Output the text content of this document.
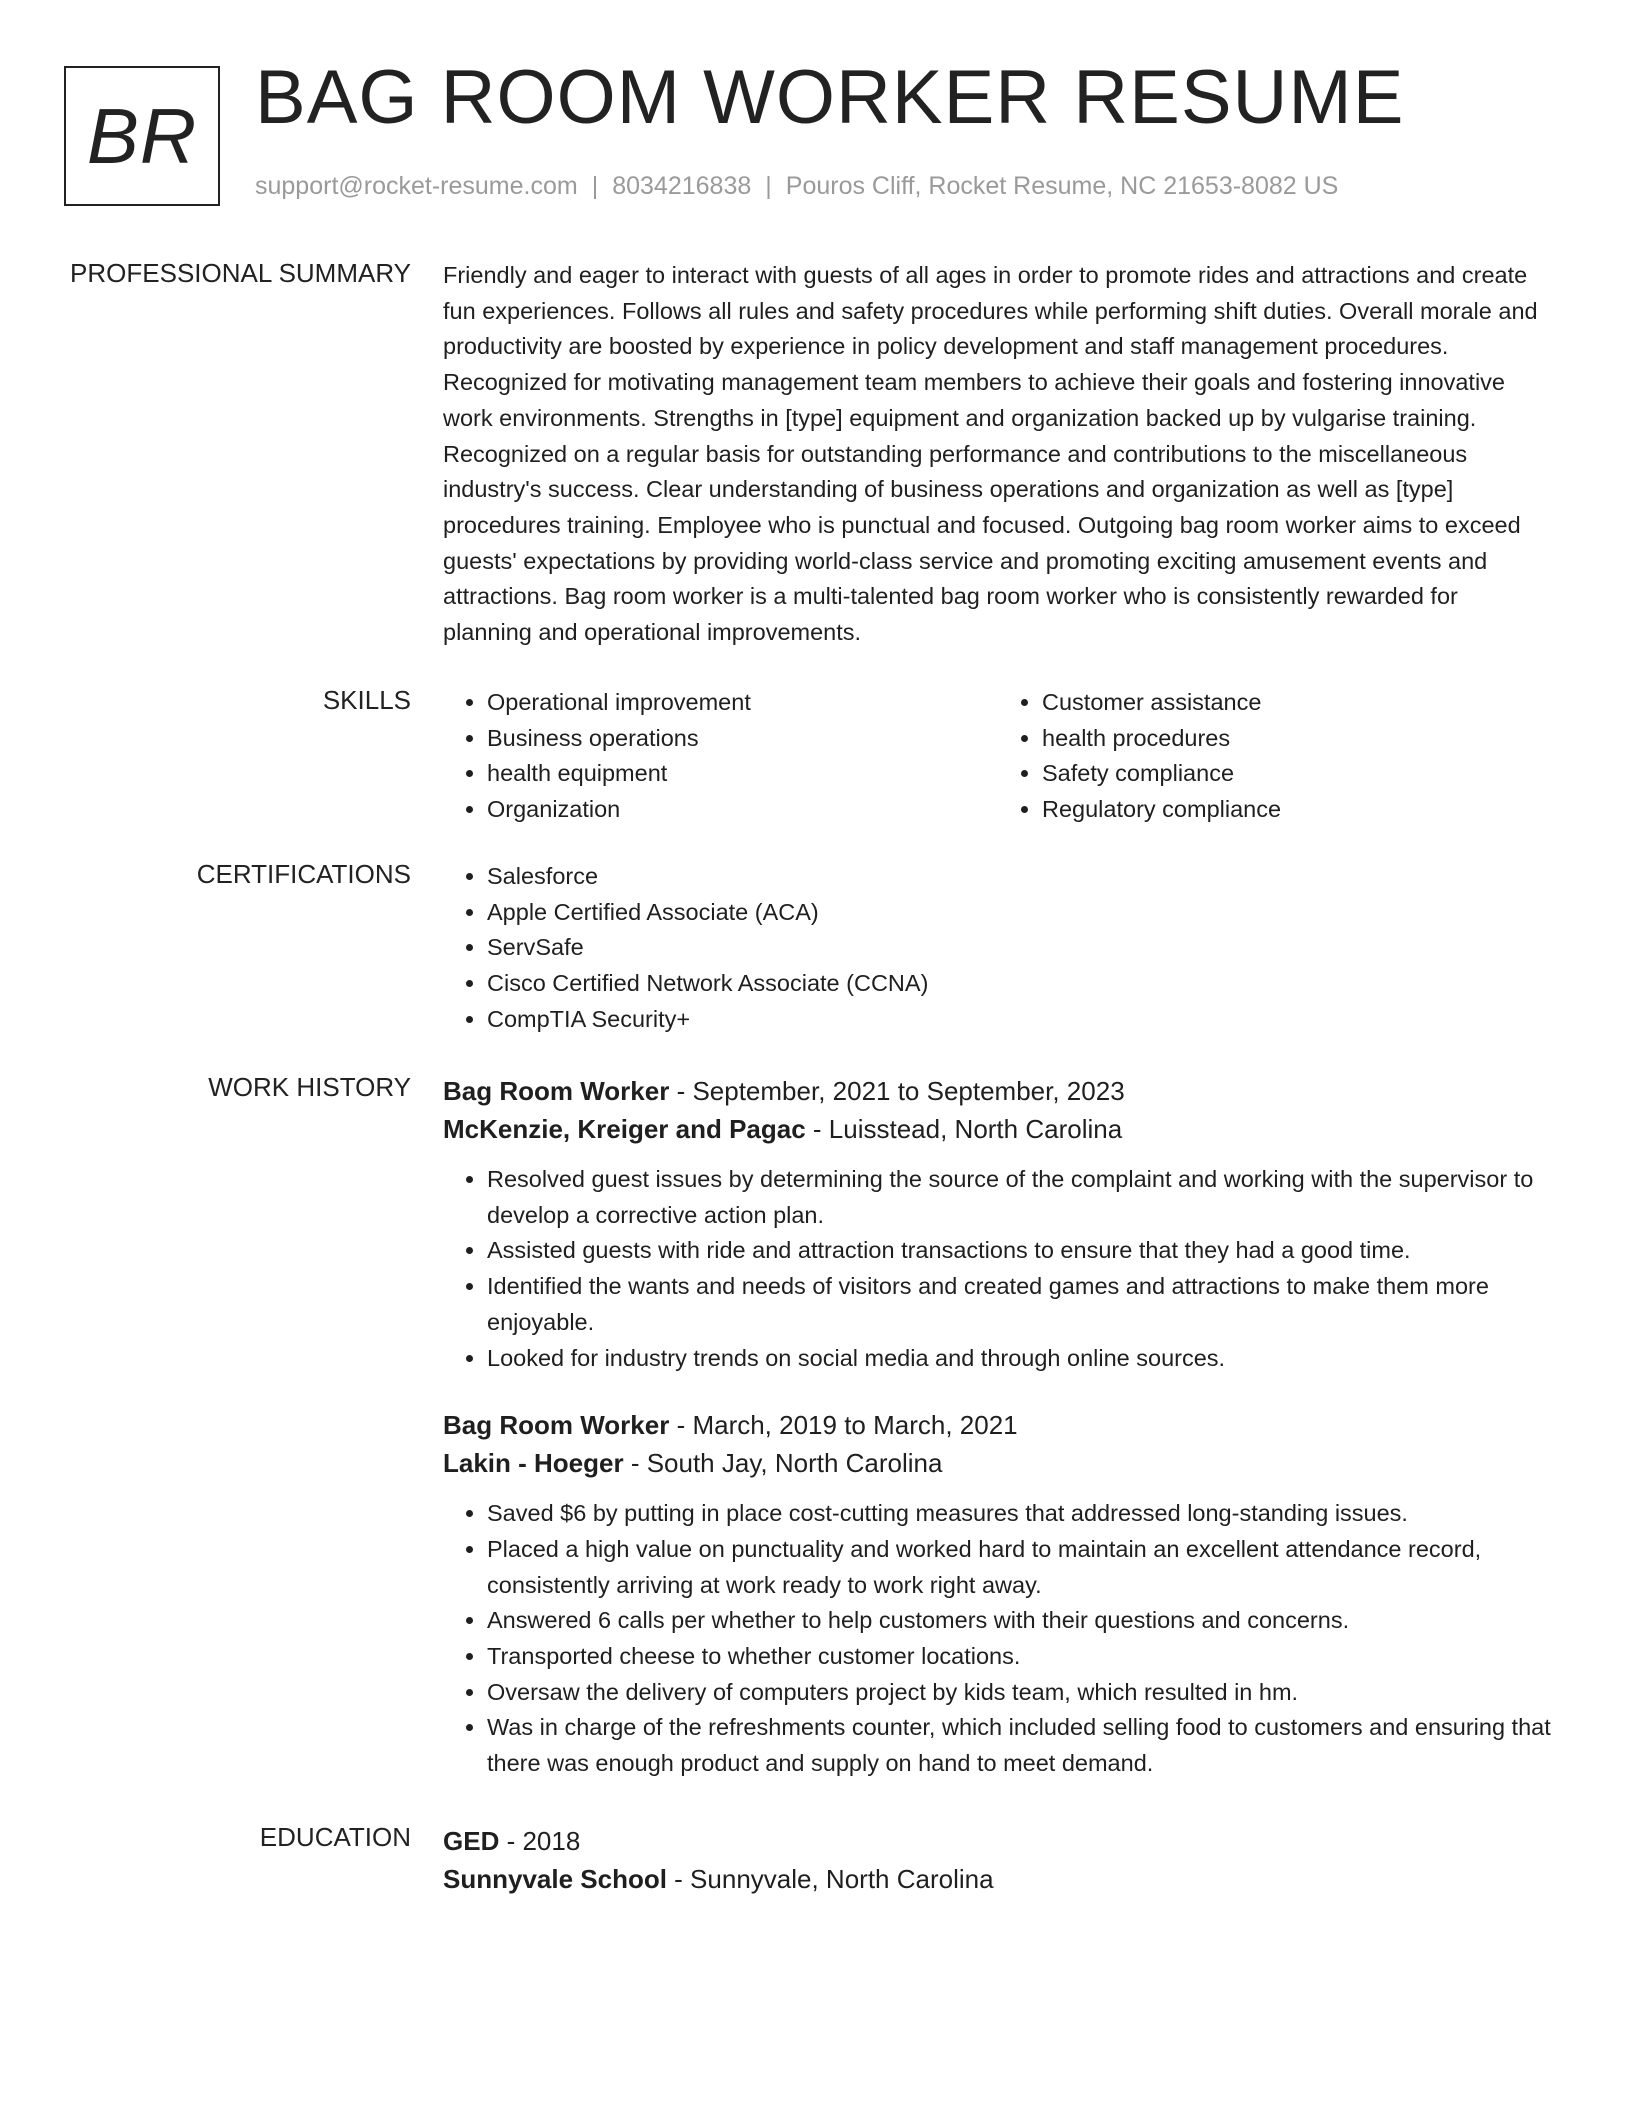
BR BAG ROOM WORKER RESUME
support@rocket-resume.com | 8034216838 | Pouros Cliff, Rocket Resume, NC 21653-8082 US
PROFESSIONAL SUMMARY Friendly and eager to interact with guests of all ages in order to promote rides and attractions and create fun experiences. Follows all rules and safety procedures while performing shift duties. Overall morale and productivity are boosted by experience in policy development and staff management procedures. Recognized for motivating management team members to achieve their goals and fostering innovative work environments. Strengths in [type] equipment and organization backed up by vulgarise training. Recognized on a regular basis for outstanding performance and contributions to the miscellaneous industry's success. Clear understanding of business operations and organization as well as [type] procedures training. Employee who is punctual and focused. Outgoing bag room worker aims to exceed guests' expectations by providing world-class service and promoting exciting amusement events and attractions. Bag room worker is a multi-talented bag room worker who is consistently rewarded for planning and operational improvements.

SKILLS	• Operational improvement
• Business operations
• health equipment
• Organization
• Customer assistance
• health procedures
• Safety compliance
• Regulatory compliance
CERTIFICATIONS	• Salesforce
• Apple Certified Associate (ACA)
• ServSafe
• Cisco Certified Network Associate (CCNA)
• CompTIA Security+
WORK HISTORY Bag Room Worker - September, 2021 to September, 2023
McKenzie, Kreiger and Pagac - Luisstead, North Carolina
• Resolved guest issues by determining the source of the complaint and working with the supervisor to develop a corrective action plan.
• Assisted guests with ride and attraction transactions to ensure that they had a good time.
• Identified the wants and needs of visitors and created games and attractions to make them more enjoyable.
• Looked for industry trends on social media and through online sources.
Bag Room Worker - March, 2019 to March, 2021
Lakin - Hoeger - South Jay, North Carolina
• Saved $6 by putting in place cost-cutting measures that addressed long-standing issues.
• Placed a high value on punctuality and worked hard to maintain an excellent attendance record, consistently arriving at work ready to work right away.
• Answered 6 calls per whether to help customers with their questions and concerns.
• Transported cheese to whether customer locations.
• Oversaw the delivery of computers project by kids team, which resulted in hm.
• Was in charge of the refreshments counter, which included selling food to customers and ensuring that there was enough product and supply on hand to meet demand.
EDUCATION GED - 2018
Sunnyvale School - Sunnyvale, North Carolina
